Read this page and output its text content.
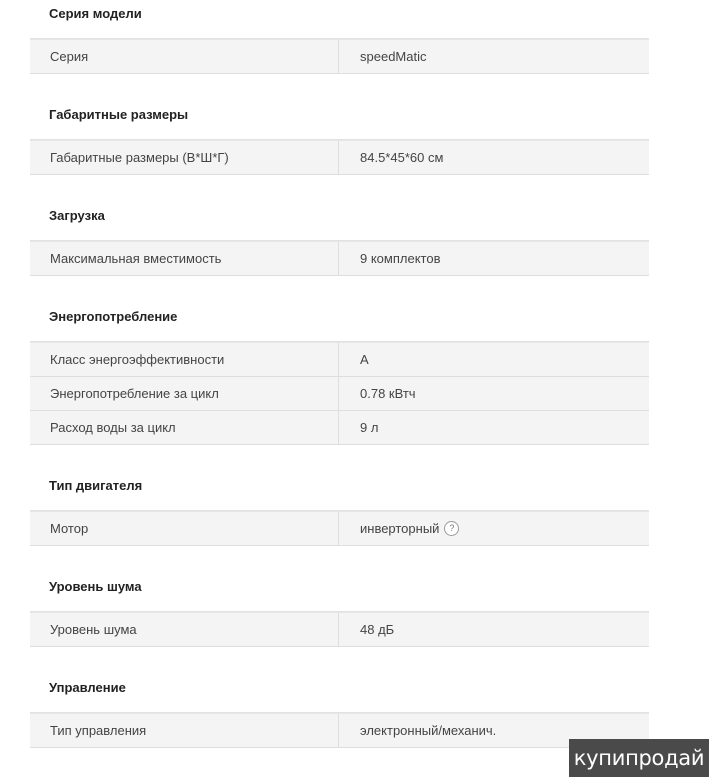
Серия модели
Серия	speedMatic
Габаритные размеры
Габаритные размеры (В*Ш*Г)	84.5*45*60 см
Загрузка
Максимальная вместимость	9 комплектов
Энергопотребление
Класс энергоэффективности	A
Энергопотребление за цикл	0.78 кВтч
Расход воды за цикл	9 л
Тип двигателя
Мотор	инверторный	?
Уровень шума
Уровень шума	48 дБ
Управление
Тип управления	электронный/механич.
купипродай
